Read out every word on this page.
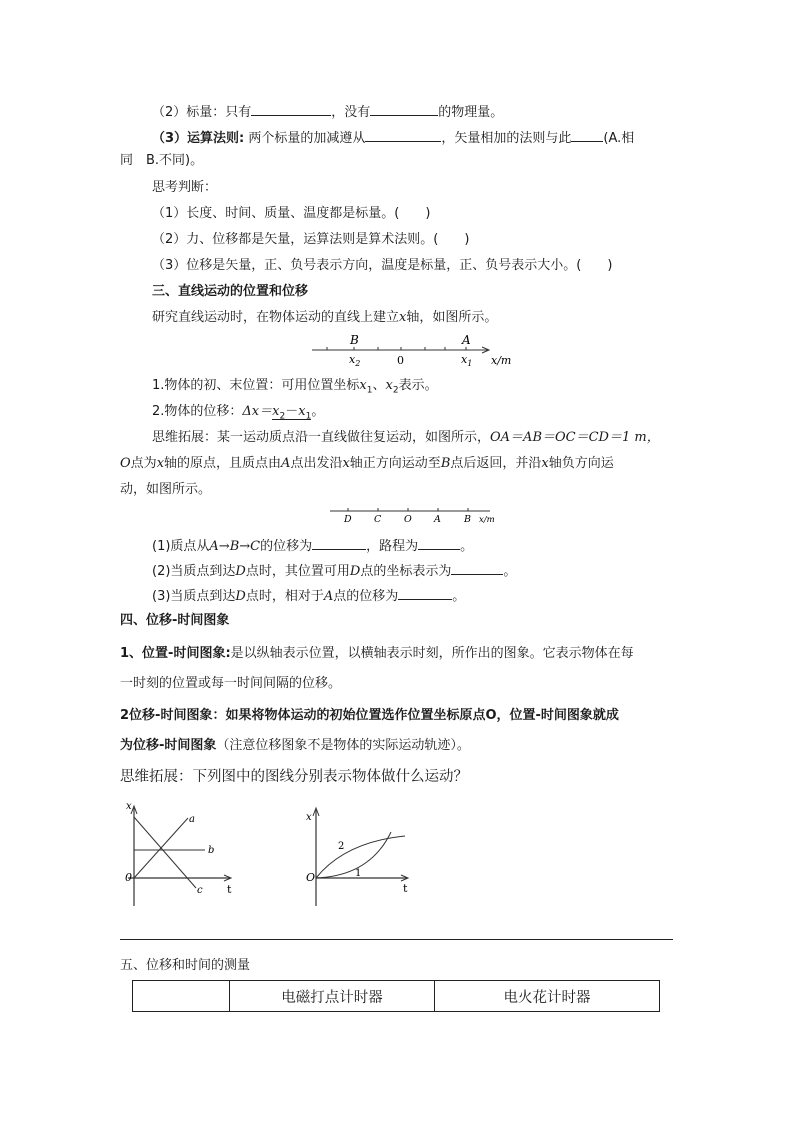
（2）标量：只有	，没有	的物理量。
（3）运算法则: 两个标量的加减遵从	，矢量相加的法则与此 (A.相
同　B.不同)。
思考判断：
（1）长度、时间、质量、温度都是标量。(　　)
（2）力、位移都是矢量，运算法则是算术法则。(　　)
（3）位移是矢量，正、负号表示方向，温度是标量，正、负号表示大小。(　　)
三、直线运动的位置和位移
研究直线运动时，在物体运动的直线上建立x轴，如图所示。
B	A
$x_2$	0	$x_1$ x/m
1.物体的初、末位置：可用位置坐标$x_1$、$x_2$表示。
2.物体的位移：$\Delta x=x_2-x_1$。
思维拓展：某一运动质点沿一直线做往复运动，如图所示，OA＝AB＝OC＝CD＝1 m，
O点为x轴的原点，且质点由A点出发沿x轴正方向运动至B点后返回，并沿x轴负方向运
动，如图所示。
D C O A B x/m
(1)质点从A→B→C的位移为	，路程为	。
(2)当质点到达D点时，其位置可用D点的坐标表示为	。
(3)当质点到达D点时，相对于A点的位移为	。
四、位移-时间图象
1、位置-时间图象:是以纵轴表示位置，以横轴表示时刻，所作出的图象。它表示物体在每
一时刻的位置或每一时间间隔的位移。
2位移-时间图象：如果将物体运动的初始位置选作位置坐标原点O，位置-时间图象就成
为位移-时间图象（注意位移图象不是物体的实际运动轨迹）。
思维拓展：下列图中的图线分别表示物体做什么运动？
x
0
t
a
b
c
x
O
t
1
2
五、位移和时间的测量
	电磁打点计时器	电火花计时器
